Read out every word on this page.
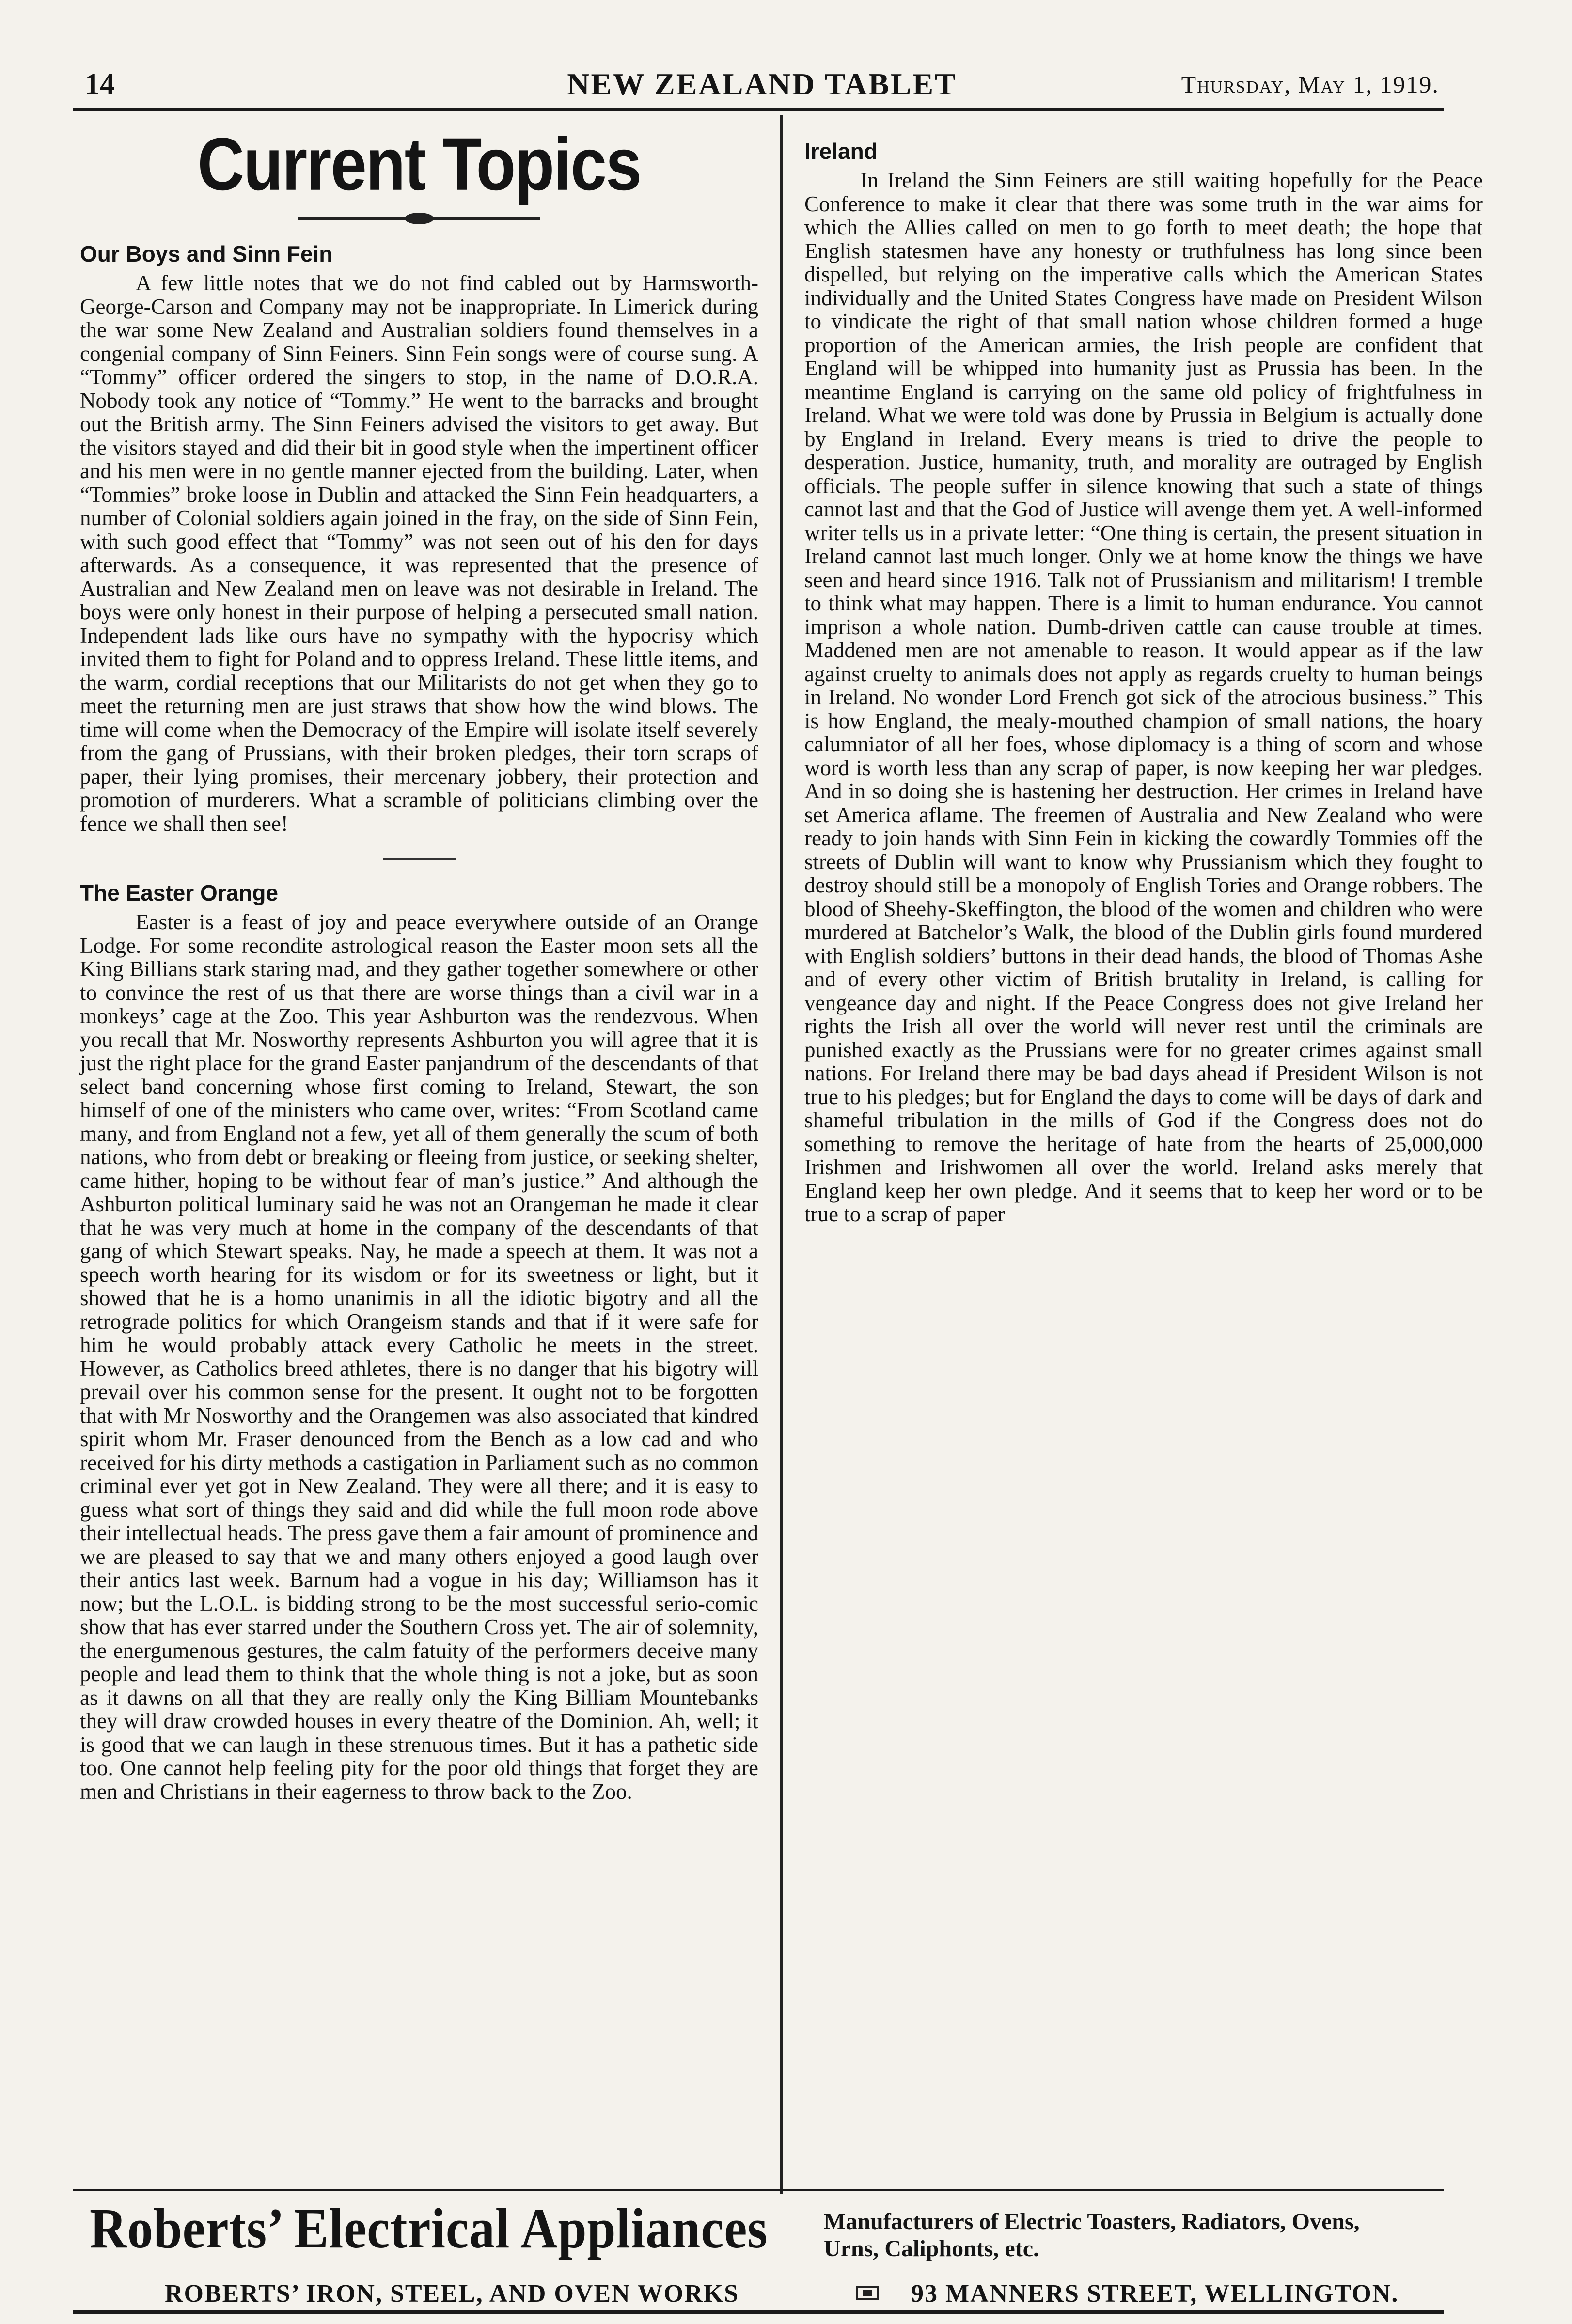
NEW ZEALAND TABLET
14	Thursday, May 1, 1919.
Current Topics
Our Boys and Sinn Fein

A few little notes that we do not find cabled out by Harmsworth-George-Carson and Company may not be inappropriate. In Limerick during the war some New Zealand and Australian soldiers found themselves in a congenial company of Sinn Feiners. Sinn Fein songs were of course sung. A “Tommy” officer ordered the singers to stop, in the name of D.O.R.A. Nobody took any notice of “Tommy.” He went to the barracks and brought out the British army. The Sinn Feiners advised the visitors to get away. But the visitors stayed and did their bit in good style when the impertinent officer and his men were in no gentle manner ejected from the building. Later, when “Tommies” broke loose in Dublin and attacked the Sinn Fein headquarters, a number of Colonial soldiers again joined in the fray, on the side of Sinn Fein, with such good effect that “Tommy” was not seen out of his den for days afterwards. As a consequence, it was represented that the presence of Australian and New Zealand men on leave was not desirable in Ireland. The boys were only honest in their purpose of helping a persecuted small nation. Independent lads like ours have no sympathy with the hypocrisy which invited them to fight for Poland and to oppress Ireland. These little items, and the warm, cordial receptions that our Militarists do not get when they go to meet the returning men are just straws that show how the wind blows. The time will come when the Democracy of the Empire will isolate itself severely from the gang of Prussians, with their broken pledges, their torn scraps of paper, their lying promises, their mercenary jobbery, their protection and promotion of murderers. What a scramble of politicians climbing over the fence we shall then see!

The Easter Orange

Easter is a feast of joy and peace everywhere outside of an Orange Lodge. For some recondite astrological reason the Easter moon sets all the King Billians stark staring mad, and they gather together somewhere or other to convince the rest of us that there are worse things than a civil war in a monkeys’ cage at the Zoo. This year Ashburton was the rendezvous. When you recall that Mr. Nosworthy represents Ashburton you will agree that it is just the right place for the grand Easter panjandrum of the descendants of that select band concerning whose first coming to Ireland, Stewart, the son himself of one of the ministers who came over, writes: “From Scotland came many, and from England not a few, yet all of them generally the scum of both nations, who from debt or breaking or fleeing from justice, or seeking shelter, came hither, hoping to be without fear of man’s justice.” And although the Ashburton political luminary said he was not an Orangeman he made it clear that he was very much at home in the company of the descendants of that gang of which Stewart speaks. Nay, he made a speech at them. It was not a speech worth hearing for its wisdom or for its sweetness or light, but it showed that he is a homo unanimis in all the idiotic bigotry and all the retrograde politics for which Orangeism stands and that if it were safe for him he would probably attack every Catholic he meets in the street. However, as Catholics breed athletes, there is no danger that his bigotry will prevail over his common sense for the present. It ought not to be forgotten that with Mr Nosworthy and the Orangemen was also associated that kindred spirit whom Mr. Fraser denounced from the Bench as a low cad and who received for his dirty methods a castigation in Parliament such as no common criminal ever yet got in New Zealand. They were all there; and it is easy to guess what sort of things they said and did while the full moon rode above their intellectual heads. The press gave them a fair amount of prominence and we are pleased to say that we and many others enjoyed a good laugh over their antics last week. Barnum had a vogue in his day; Williamson has it now; but the L.O.L. is bidding strong to be the most successful serio-comic show that has ever starred under the Southern Cross yet. The air of solemnity, the energumenous gestures, the calm fatuity of the performers deceive many people and lead them to think that the whole thing is not a joke, but as soon as it dawns on all that they are really only the King Billiam Mountebanks they will draw crowded houses in every theatre of the Dominion. Ah, well; it is good that we can laugh in these strenuous times. But it has a pathetic side too. One cannot help feeling pity for the poor old things that forget they are men and Christians in their eagerness to throw back to the Zoo.

Ireland

In Ireland the Sinn Feiners are still waiting hopefully for the Peace Conference to make it clear that there was some truth in the war aims for which the Allies called on men to go forth to meet death; the hope that English statesmen have any honesty or truthfulness has long since been dispelled, but relying on the imperative calls which the American States individually and the United States Congress have made on President Wilson to vindicate the right of that small nation whose children formed a huge proportion of the American armies, the Irish people are confident that England will be whipped into humanity just as Prussia has been. In the meantime England is carrying on the same old policy of frightfulness in Ireland. What we were told was done by Prussia in Belgium is actually done by England in Ireland. Every means is tried to drive the people to desperation. Justice, humanity, truth, and morality are outraged by English officials. The people suffer in silence knowing that such a state of things cannot last and that the God of Justice will avenge them yet. A well-informed writer tells us in a private letter: “One thing is certain, the present situation in Ireland cannot last much longer. Only we at home know the things we have seen and heard since 1916. Talk not of Prussianism and militarism! I tremble to think what may happen. There is a limit to human endurance. You cannot imprison a whole nation. Dumb-driven cattle can cause trouble at times. Maddened men are not amenable to reason. It would appear as if the law against cruelty to animals does not apply as regards cruelty to human beings in Ireland. No wonder Lord French got sick of the atrocious business.” This is how England, the mealy-mouthed champion of small nations, the hoary calumniator of all her foes, whose diplomacy is a thing of scorn and whose word is worth less than any scrap of paper, is now keeping her war pledges. And in so doing she is hastening her destruction. Her crimes in Ireland have set America aflame. The freemen of Australia and New Zealand who were ready to join hands with Sinn Fein in kicking the cowardly Tommies off the streets of Dublin will want to know why Prussianism which they fought to destroy should still be a monopoly of English Tories and Orange robbers. The blood of Sheehy-Skeffington, the blood of the women and children who were murdered at Batchelor’s Walk, the blood of the Dublin girls found murdered with English soldiers’ buttons in their dead hands, the blood of Thomas Ashe and of every other victim of British brutality in Ireland, is calling for vengeance day and night. If the Peace Congress does not give Ireland her rights the Irish all over the world will never rest until the criminals are punished exactly as the Prussians were for no greater crimes against small nations. For Ireland there may be bad days ahead if President Wilson is not true to his pledges; but for England the days to come will be days of dark and shameful tribulation in the mills of God if the Congress does not do something to remove the heritage of hate from the hearts of 25,000,000 Irishmen and Irishwomen all over the world. Ireland asks merely that England keep her own pledge. And it seems that to keep her word or to be true to a scrap of paper

Roberts’ Electrical Appliances Manufacturers of Electric Toasters, Radiators, Ovens,
Urns, Caliphonts, etc.
ROBERTS’ IRON, STEEL, AND OVEN WORKS	93 MANNERS STREET, WELLINGTON.
